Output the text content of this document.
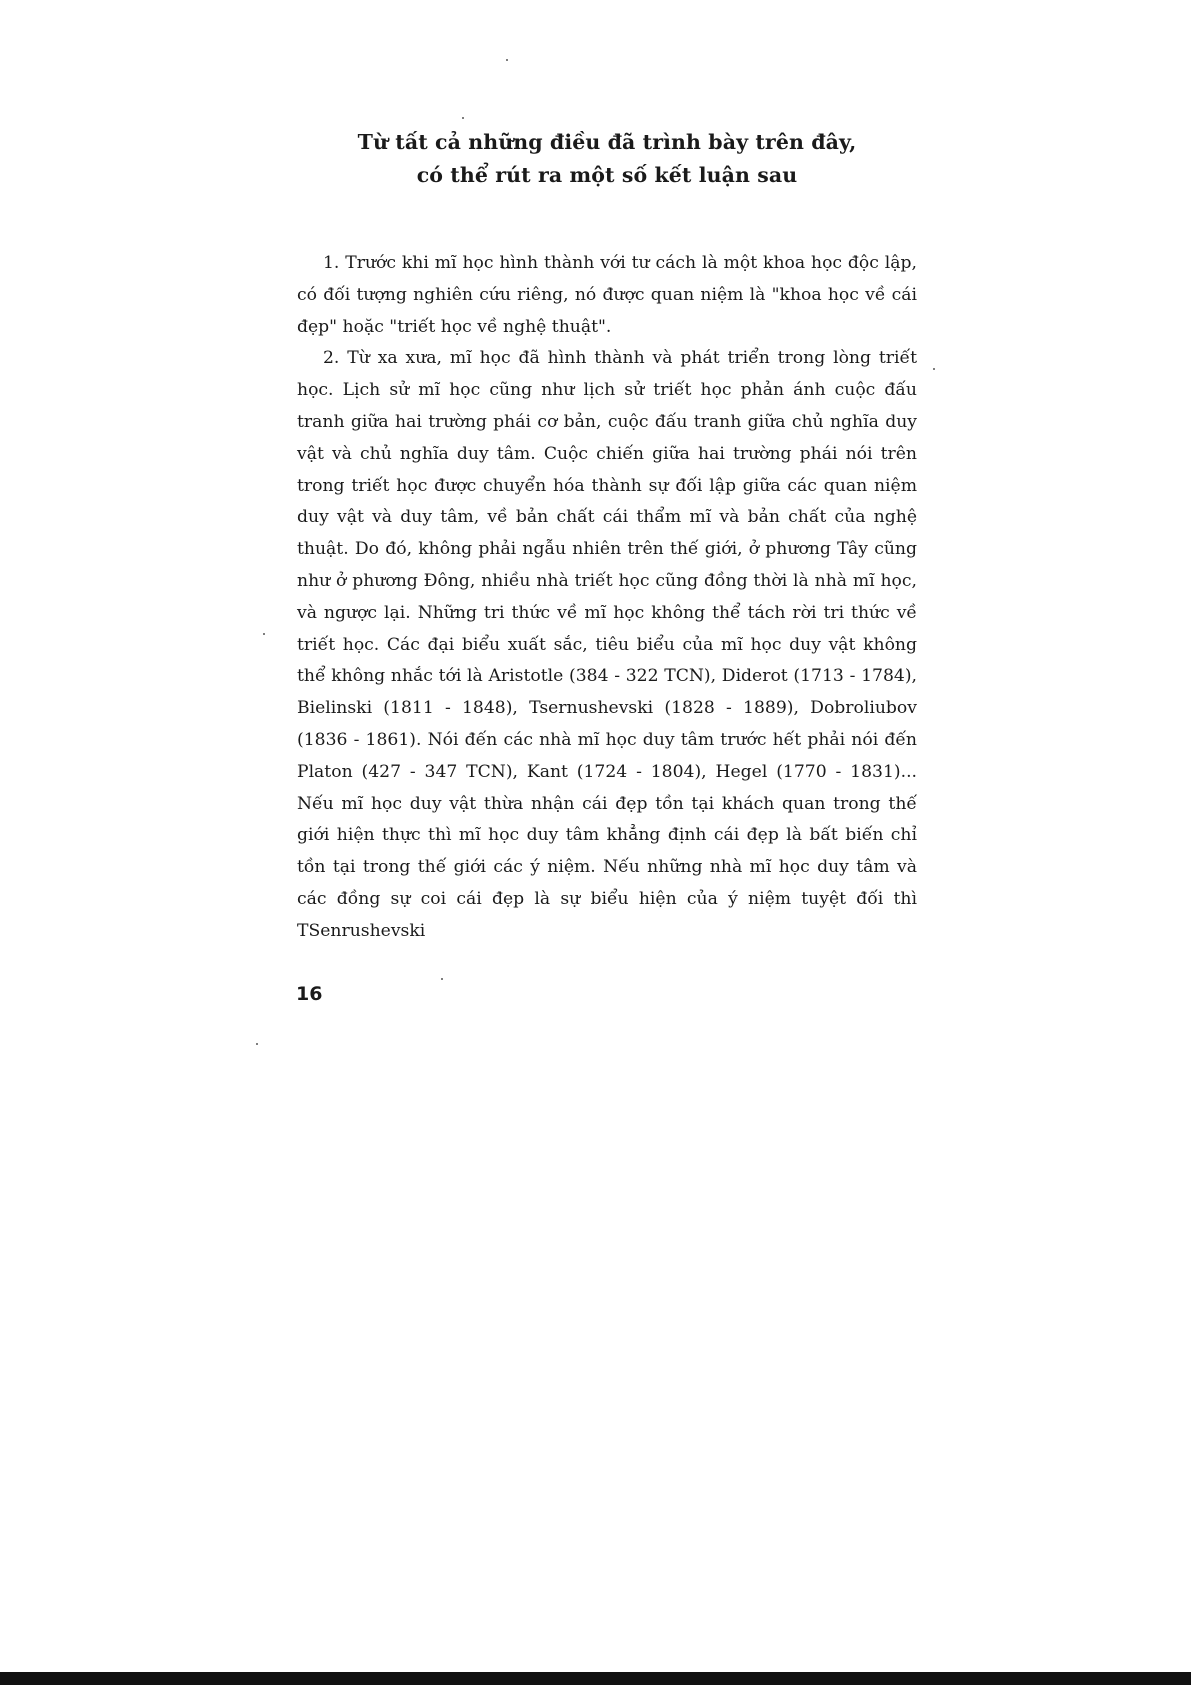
Từ tất cả những điều đã trình bày trên đây,
có thể rút ra một số kết luận sau

1. Trước khi mĩ học hình thành với tư cách là một khoa học độc lập, có đối tượng nghiên cứu riêng, nó được quan niệm là "khoa học về cái đẹp" hoặc "triết học về nghệ thuật".

2. Từ xa xưa, mĩ học đã hình thành và phát triển trong lòng triết học. Lịch sử mĩ học cũng như lịch sử triết học phản ánh cuộc đấu tranh giữa hai trường phái cơ bản, cuộc đấu tranh giữa chủ nghĩa duy vật và chủ nghĩa duy tâm. Cuộc chiến giữa hai trường phái nói trên trong triết học được chuyển hóa thành sự đối lập giữa các quan niệm duy vật và duy tâm, về bản chất cái thẩm mĩ và bản chất của nghệ thuật. Do đó, không phải ngẫu nhiên trên thế giới, ở phương Tây cũng như ở phương Đông, nhiều nhà triết học cũng đồng thời là nhà mĩ học, và ngược lại. Những tri thức về mĩ học không thể tách rời tri thức về triết học. Các đại biểu xuất sắc, tiêu biểu của mĩ học duy vật không thể không nhắc tới là Aristotle (384 - 322 TCN), Diderot (1713 - 1784), Bielinski (1811 - 1848), Tsernushevski (1828 - 1889), Dobroliubov (1836 - 1861). Nói đến các nhà mĩ học duy tâm trước hết phải nói đến Platon (427 - 347 TCN), Kant (1724 - 1804), Hegel (1770 - 1831)... Nếu mĩ học duy vật thừa nhận cái đẹp tồn tại khách quan trong thế giới hiện thực thì mĩ học duy tâm khẳng định cái đẹp là bất biến chỉ tồn tại trong thế giới các ý niệm. Nếu những nhà mĩ học duy tâm và các đồng sự coi cái đẹp là sự biểu hiện của ý niệm tuyệt đối thì TSenrushevski

16
